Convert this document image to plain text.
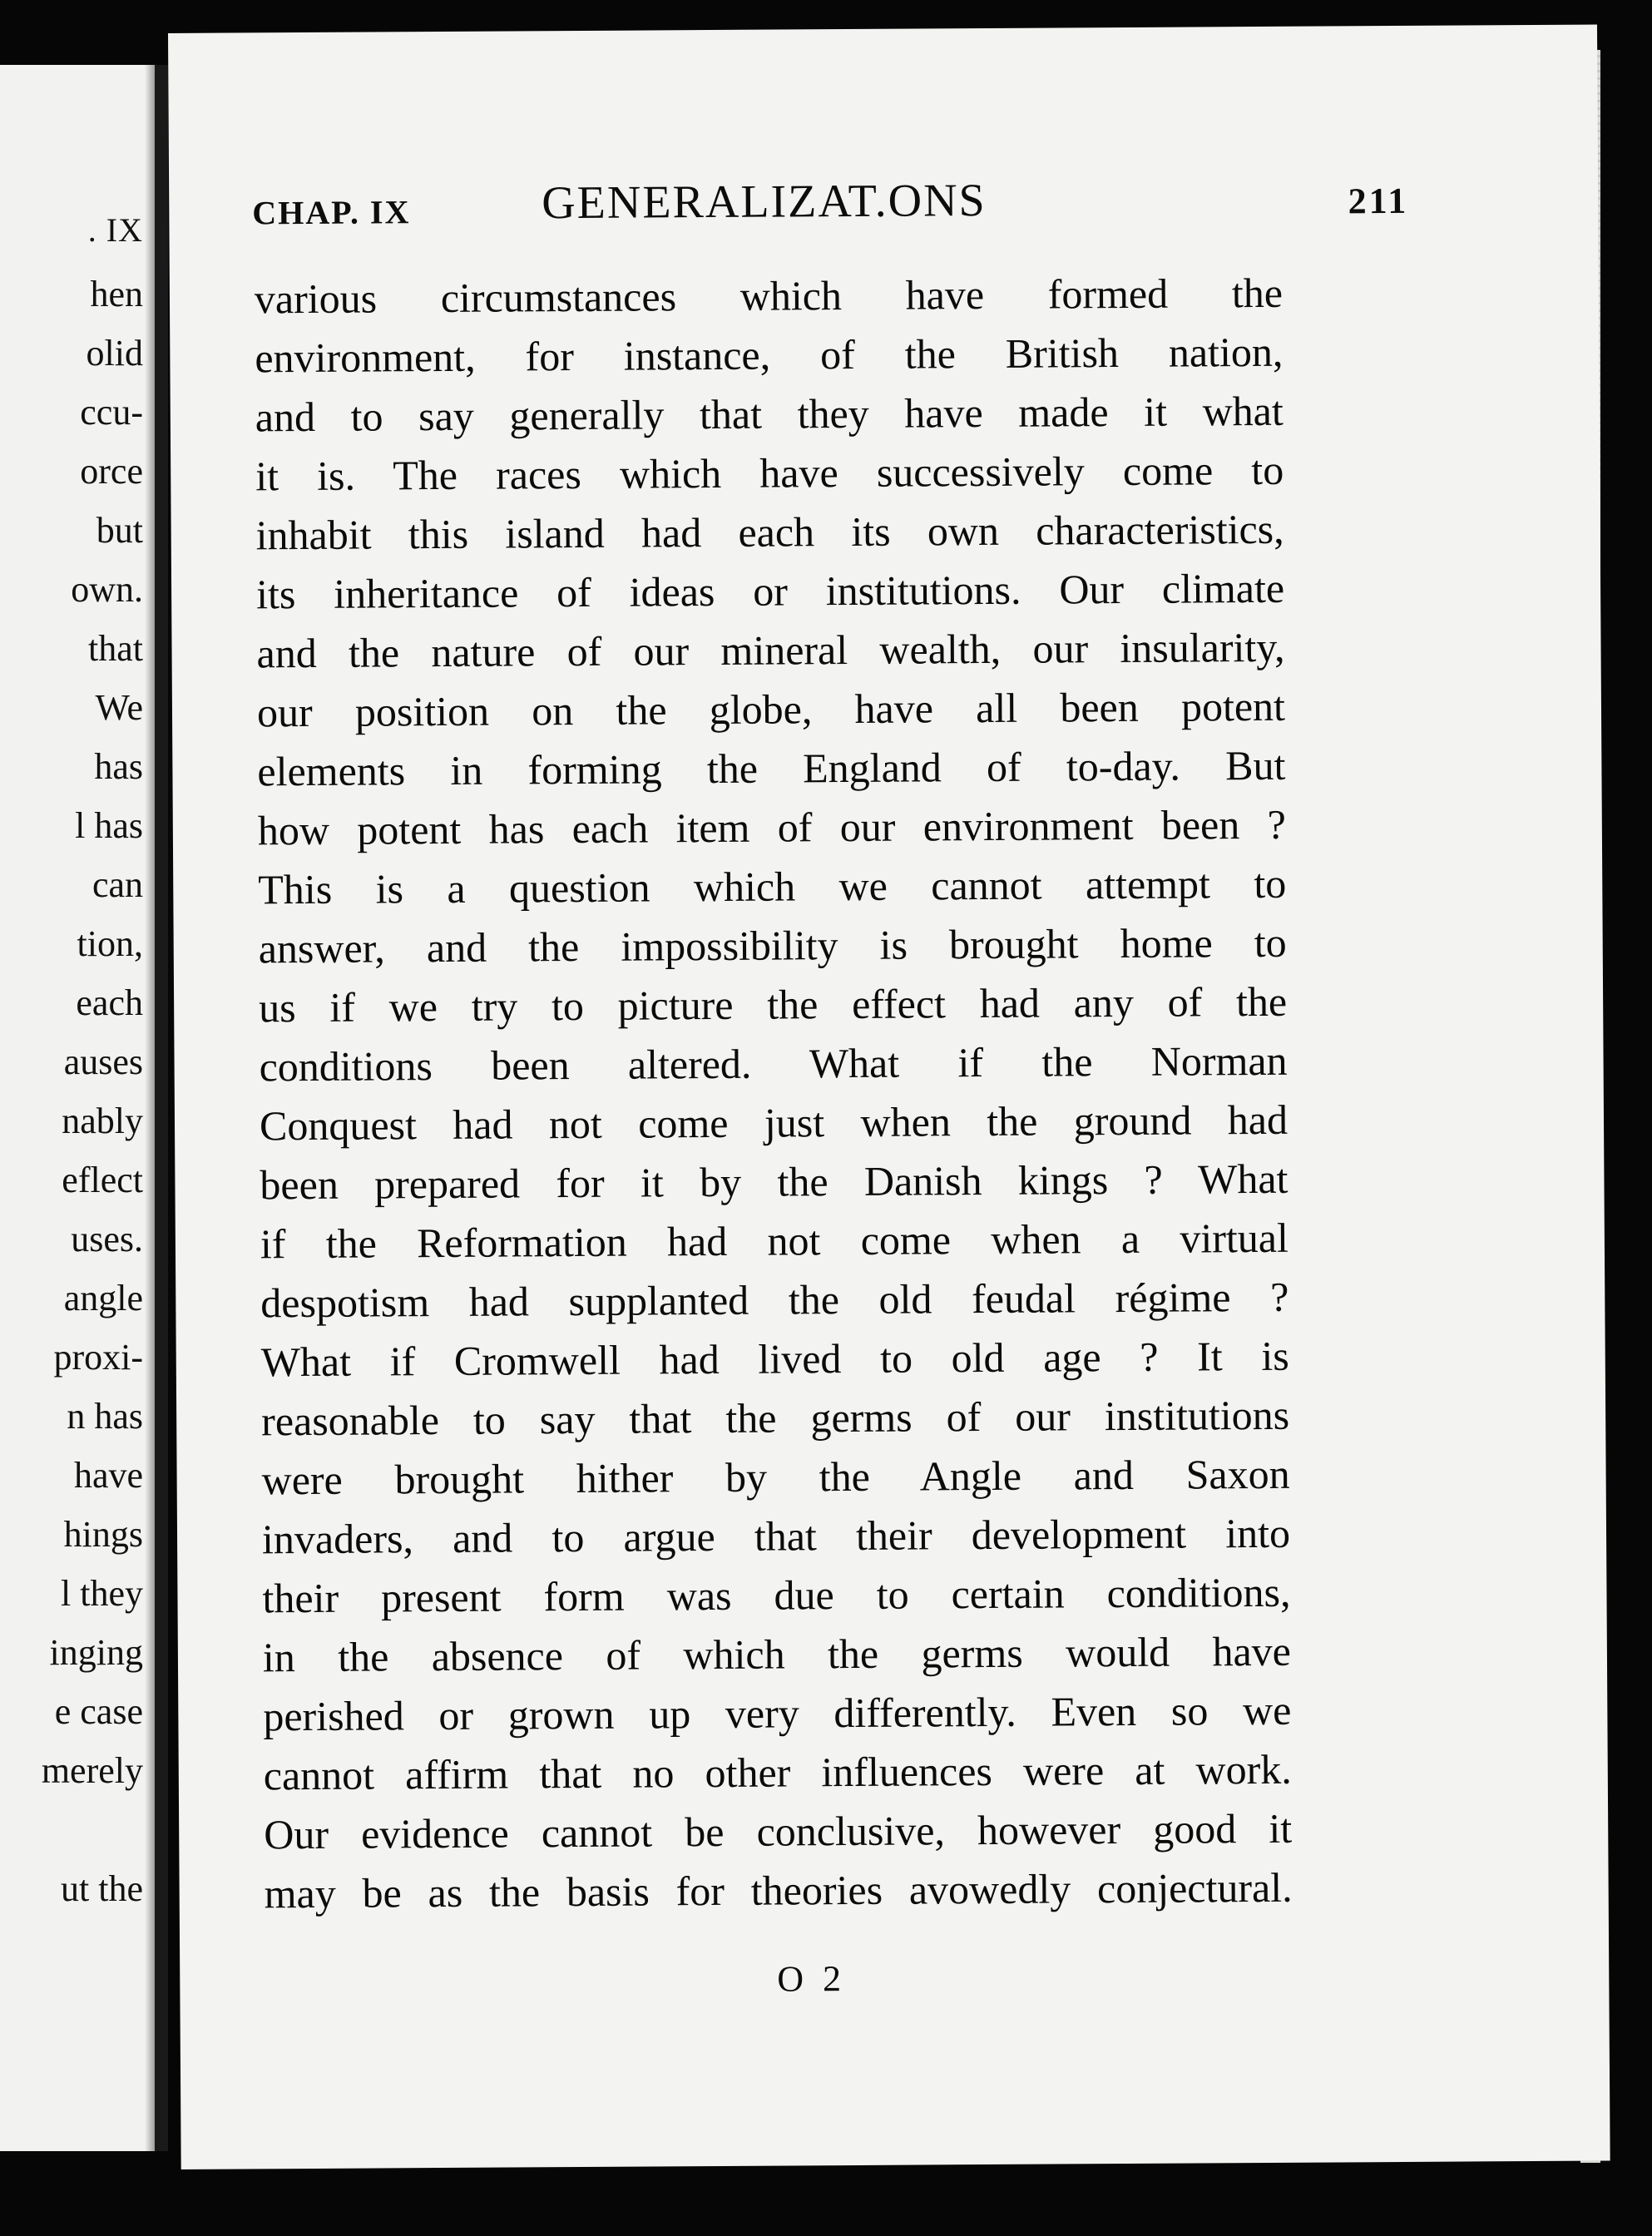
. IX
hen
olid
ccu-
orce
but
own.
that
We
has
l has
can
tion,
each
auses
nably
eflect
uses.
angle
proxi-
n has
have
hings
l they
inging
e case
merely
ut the
CHAP. IX	GENERALIZAT.ONS	211
various circumstances which have formed the
environment, for instance, of the British nation,
and to say generally that they have made it what
it is. The races which have successively come to
inhabit this island had each its own characteristics,
its inheritance of ideas or institutions. Our climate
and the nature of our mineral wealth, our insularity,
our position on the globe, have all been potent
elements in forming the England of to-day. But
how potent has each item of our environment been ?
This is a question which we cannot attempt to
answer, and the impossibility is brought home to
us if we try to picture the effect had any of the
conditions been altered. What if the Norman
Conquest had not come just when the ground had
been prepared for it by the Danish kings ? What
if the Reformation had not come when a virtual
despotism had supplanted the old feudal régime ?
What if Cromwell had lived to old age ? It is
reasonable to say that the germs of our institutions
were brought hither by the Angle and Saxon
invaders, and to argue that their development into
their present form was due to certain conditions,
in the absence of which the germs would have
perished or grown up very differently. Even so we
cannot affirm that no other influences were at work.
Our evidence cannot be conclusive, however good it
may be as the basis for theories avowedly conjectural.
O 2
